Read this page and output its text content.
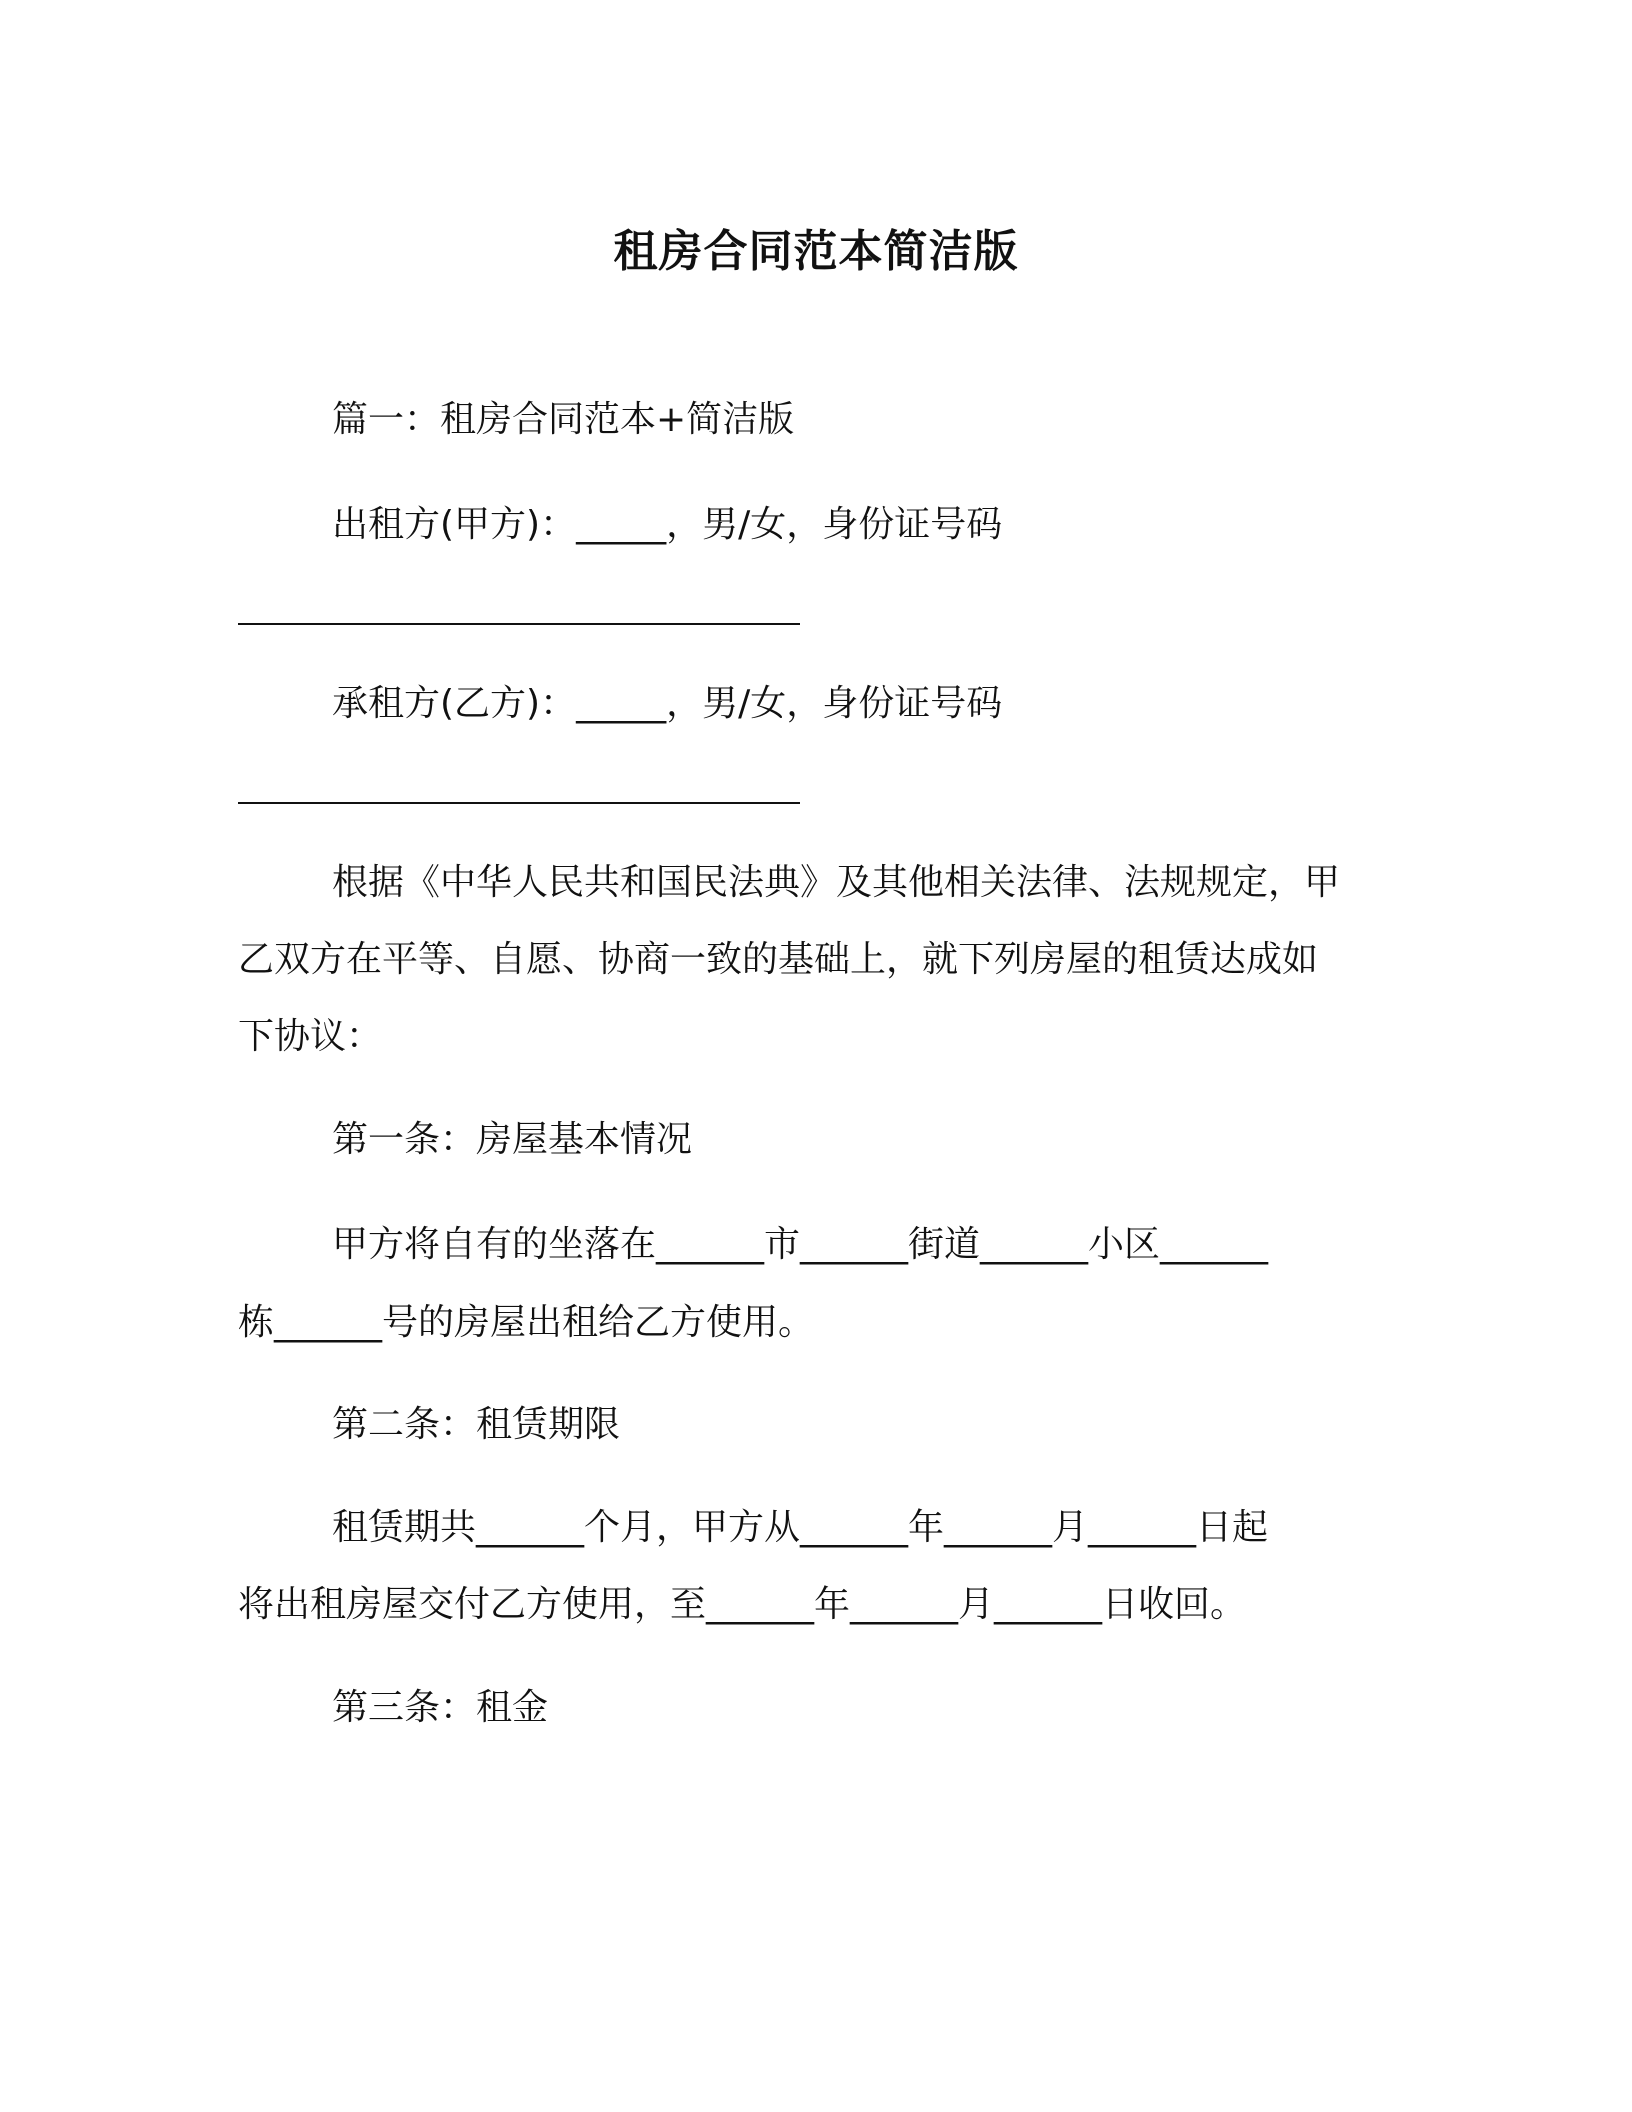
租房合同范本简洁版
篇一：租房合同范本+简洁版
出租方(甲方)：_____，男/女，身份证号码
承租方(乙方)：_____，男/女，身份证号码
根据《中华人民共和国民法典》及其他相关法律、法规规定，甲
乙双方在平等、自愿、协商一致的基础上，就下列房屋的租赁达成如
下协议：
第一条：房屋基本情况
甲方将自有的坐落在______市______街道______小区______
栋______号的房屋出租给乙方使用。
第二条：租赁期限
租赁期共______个月，甲方从______年______月______日起
将出租房屋交付乙方使用，至______年______月______日收回。
第三条：租金
